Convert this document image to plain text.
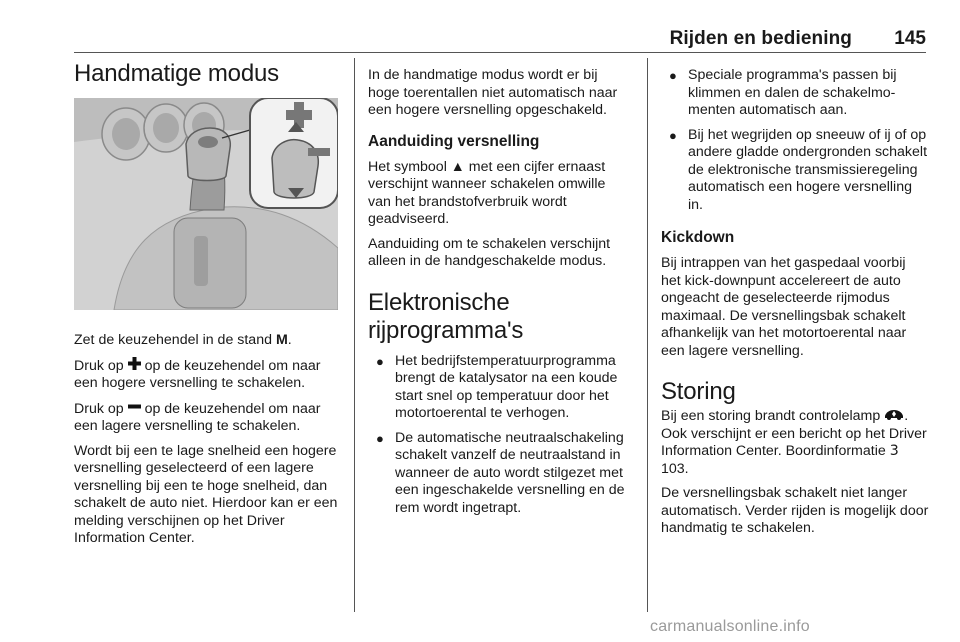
Rijden en bediening 145
Handmatige modus

Zet de keuzehendel in de stand M.

Druk op  op de keuzehendel om naar een hogere versnelling te schakelen.

Druk op  op de keuzehendel om naar een lagere versnelling te schakelen.

Wordt bij een te lage snelheid een hogere versnelling geselecteerd of een lagere versnelling bij een te hoge snelheid, dan schakelt de auto niet. Hierdoor kan er een melding verschijnen op het Driver Information Center.

In de handmatige modus wordt er bij hoge toerentallen niet automatisch naar een hogere versnelling opgeschakeld.

Aanduiding versnelling

Het symbool ▲ met een cijfer ernaast verschijnt wanneer schakelen omwille van het brandstofverbruik wordt geadviseerd.

Aanduiding om te schakelen verschijnt alleen in de handgeschakelde modus.

Elektronische
rijprogramma's
● Het bedrijfstemperatuurprogramma brengt de katalysator na een koude start snel op temperatuur door het motortoerental te verhogen.
● De automatische neutraalschakeling schakelt vanzelf de neutraalstand in wanneer de auto wordt stilgezet met een ingeschakelde versnelling en de rem wordt ingetrapt.
● Speciale programma's passen bij klimmen en dalen de schakelmomenten automatisch aan.
● Bij het wegrijden op sneeuw of ij of op andere gladde ondergronden schakelt de elektronische transmissieregeling automatisch een hogere versnelling in.
Kickdown

Bij intrappen van het gaspedaal voorbij het kick-downpunt accelereert de auto ongeacht de geselecteerde rijmodus maximaal. De versnellingsbak schakelt afhankelijk van het motortoerental naar een lagere versnelling.

Storing

Bij een storing brandt controlelamp . Ook verschijnt er een bericht op het Driver Information Center. Boordinformatie 3 103.

De versnellingsbak schakelt niet langer automatisch. Verder rijden is mogelijk door handmatig te schakelen.

carmanualsonline.info
